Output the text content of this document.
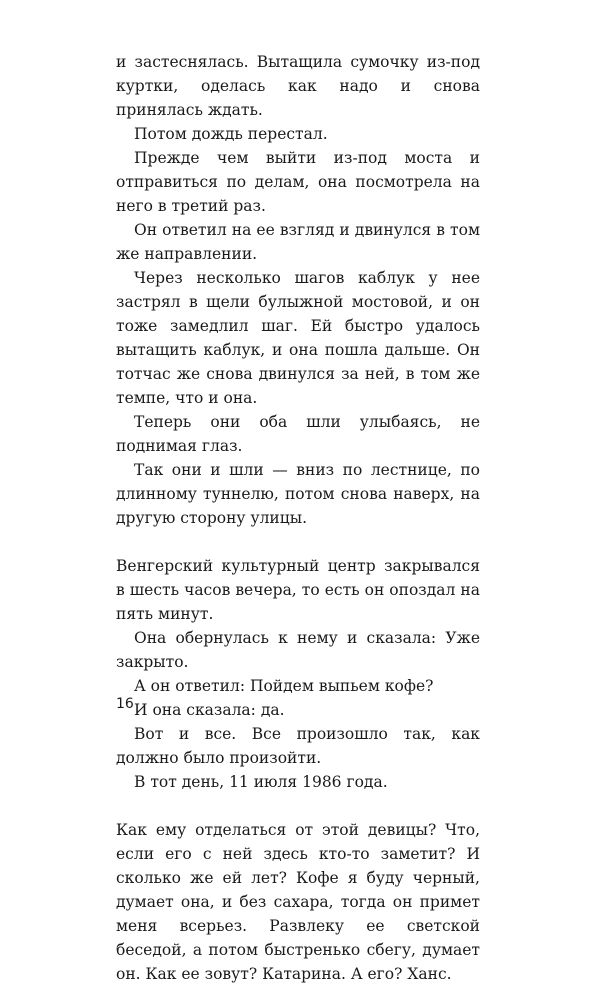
и застеснялась. Вытащила сумочку из-под куртки, оделась как надо и снова принялась ждать.

Потом дождь перестал.

Прежде чем выйти из-под моста и отправиться по делам, она посмотрела на него в третий раз.

Он ответил на ее взгляд и двинулся в том же направлении.

Через несколько шагов каблук у нее застрял в щели булыжной мостовой, и он тоже замедлил шаг. Ей быстро удалось вытащить каблук, и она пошла дальше. Он тотчас же снова двинулся за ней, в том же темпе, что и она.

Теперь они оба шли улыбаясь, не поднимая глаз.

Так они и шли — вниз по лестнице, по длинному туннелю, потом снова наверх, на другую сторону улицы.

Венгерский культурный центр закрывался в шесть часов вечера, то есть он опоздал на пять минут.

Она обернулась к нему и сказала: Уже закрыто.

А он ответил: Пойдем выпьем кофе?

И она сказала: да.

Вот и все. Все произошло так, как должно было произойти.

В тот день, 11 июля 1986 года.

Как ему отделаться от этой девицы? Что, если его с ней здесь кто-то заметит? И сколько же ей лет? Кофе я буду черный, думает она, и без сахара, тогда он примет меня всерьез. Развлеку ее светской беседой, а потом быстренько сбегу, думает он. Как ее зовут? Катарина. А его? Ханс.

16
